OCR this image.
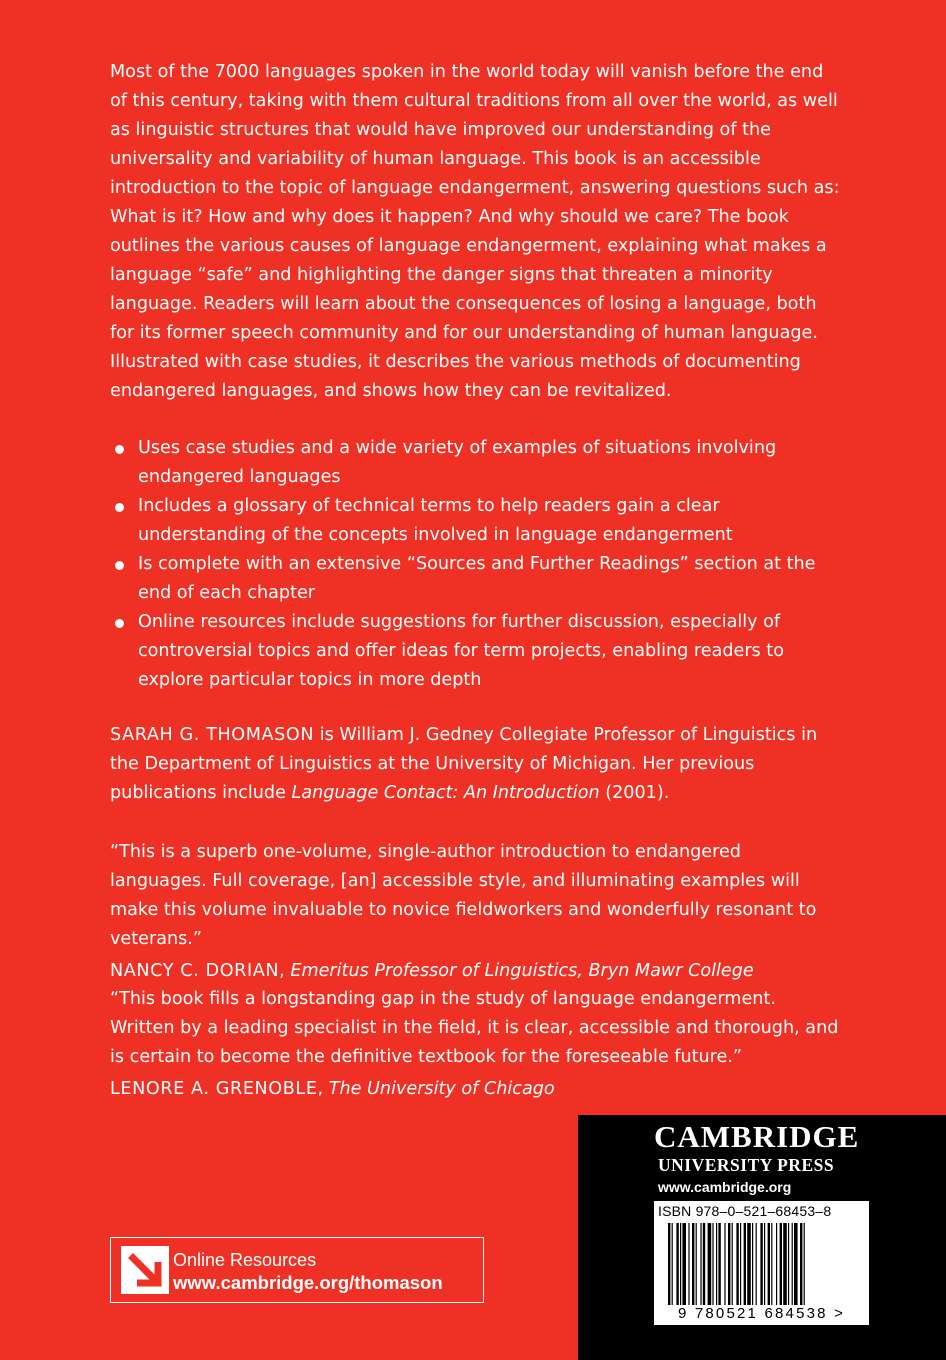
Most of the 7000 languages spoken in the world today will vanish before the end of this century, taking with them cultural traditions from all over the world, as well as linguistic structures that would have improved our understanding of the universality and variability of human language. This book is an accessible introduction to the topic of language endangerment, answering questions such as: What is it? How and why does it happen? And why should we care? The book outlines the various causes of language endangerment, explaining what makes a language “safe” and highlighting the danger signs that threaten a minority language. Readers will learn about the consequences of losing a language, both for its former speech community and for our understanding of human language. Illustrated with case studies, it describes the various methods of documenting endangered languages, and shows how they can be revitalized.

Uses case studies and a wide variety of examples of situations involving endangered languages
Includes a glossary of technical terms to help readers gain a clear understanding of the concepts involved in language endangerment
Is complete with an extensive “Sources and Further Readings” section at the end of each chapter
Online resources include suggestions for further discussion, especially of controversial topics and offer ideas for term projects, enabling readers to explore particular topics in more depth

SARAH G. THOMASON is William J. Gedney Collegiate Professor of Linguistics in the Department of Linguistics at the University of Michigan. Her previous publications include Language Contact: An Introduction (2001).

“This is a superb one-volume, single-author introduction to endangered languages. Full coverage, [an] accessible style, and illuminating examples will make this volume invaluable to novice fieldworkers and wonderfully resonant to veterans.”
NANCY C. DORIAN, Emeritus Professor of Linguistics, Bryn Mawr College
“This book fills a longstanding gap in the study of language endangerment. Written by a leading specialist in the field, it is clear, accessible and thorough, and is certain to become the definitive textbook for the foreseeable future.”
LENORE A. GRENOBLE, The University of Chicago
Online Resources
www.cambridge.org/thomason
CAMBRIDGE
UNIVERSITY PRESS
www.cambridge.org
ISBN 978–0–521–68453–8
9 780521 684538 >
